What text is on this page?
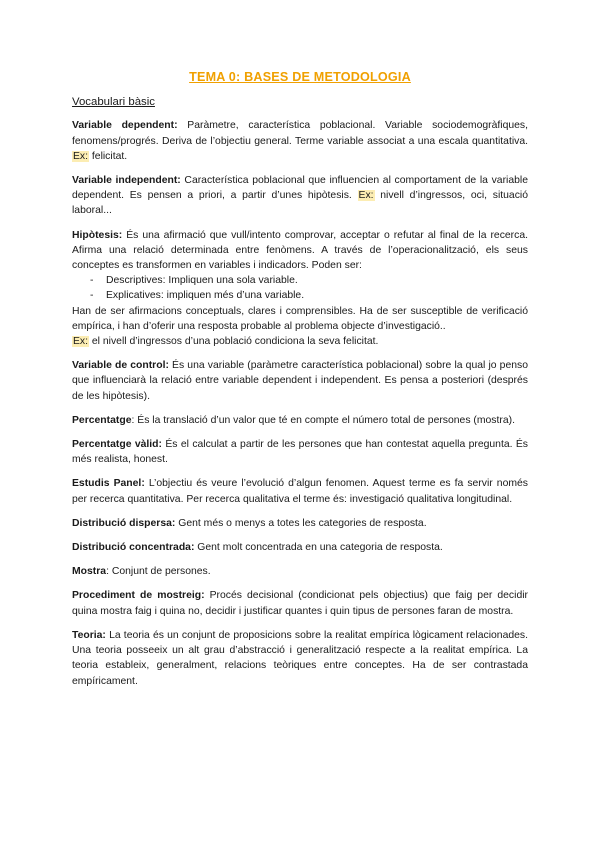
TEMA 0: BASES DE METODOLOGIA
Vocabulari bàsic

Variable dependent: Paràmetre, característica poblacional. Variable sociodemogràfiques, fenomens/progrés. Deriva de l’objectiu general. Terme variable associat a una escala quantitativa. Ex: felicitat.

Variable independent: Característica poblacional que influencien al comportament de la variable dependent. Es pensen a priori, a partir d’unes hipòtesis. Ex: nivell d’ingressos, oci, situació laboral...

Hipòtesis: És una afirmació que vull/intento comprovar, acceptar o refutar al final de la recerca. Afirma una relació determinada entre fenòmens. A través de l’operacionalització, els seus conceptes es transformen en variables i indicadors. Poden ser:

- Descriptives: Impliquen una sola variable.
- Explicatives: impliquen més d’una variable.

Han de ser afirmacions conceptuals, clares i comprensibles. Ha de ser susceptible de verificació empírica, i han d’oferir una resposta probable al problema objecte d’investigació..
Ex: el nivell d’ingressos d’una població condiciona la seva felicitat.

Variable de control: És una variable (paràmetre característica poblacional) sobre la qual jo penso que influenciarà la relació entre variable dependent i independent. Es pensa a posteriori (després de les hipòtesis).

Percentatge: És la translació d’un valor que té en compte el número total de persones (mostra).

Percentatge vàlid: És el calculat a partir de les persones que han contestat aquella pregunta. És més realista, honest.

Estudis Panel: L’objectiu és veure l’evolució d’algun fenomen. Aquest terme es fa servir només per recerca quantitativa. Per recerca qualitativa el terme és: investigació qualitativa longitudinal.

Distribució dispersa: Gent més o menys a totes les categories de resposta.

Distribució concentrada: Gent molt concentrada en una categoria de resposta.

Mostra: Conjunt de persones.

Procediment de mostreig: Procés decisional (condicionat pels objectius) que faig per decidir quina mostra faig i quina no, decidir i justificar quantes i quin tipus de persones faran de mostra.

Teoria: La teoria és un conjunt de proposicions sobre la realitat empírica lògicament relacionades. Una teoria posseeix un alt grau d’abstracció i generalització respecte a la realitat empírica. La teoria estableix, generalment, relacions teòriques entre conceptes. Ha de ser contrastada empíricament.
